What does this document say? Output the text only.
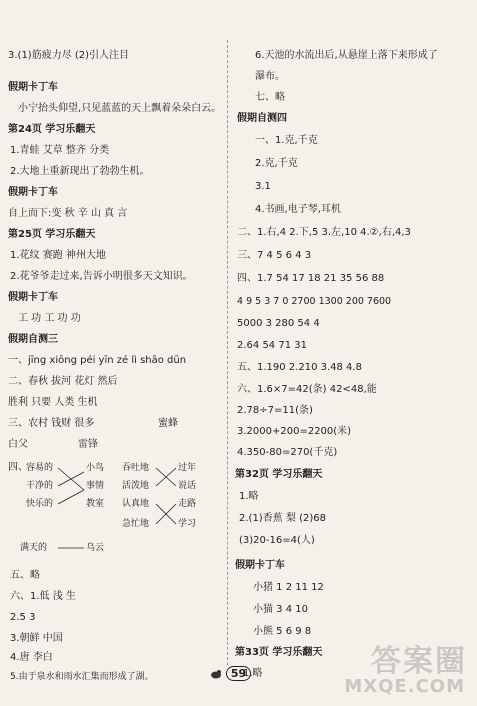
3.(1)筋疲力尽 (2)引人注目
假期卡丁车
小宁抬头仰望,只见蓝蓝的天上飘着朵朵白云。
第24页 学习乐翻天
1.青蛙 艾草 整齐 分类
2.大地上重新现出了勃勃生机。
假期卡丁车
自上而下:变 秋 辛 山 真 言
第25页 学习乐翻天
1.花纹 赛跑 神州大地
2.花爷爷走过来,告诉小明很多天文知识。
假期卡丁车
工 功 工 功 功
假期自测三
一、jīng xiōng péi yīn zé lì shāo dūn
二、春秋 拔河 花灯 然后
胜利 只要 人类 生机
三、农村 钱财 很多	蜜蜂
白父	雷锋
四、
五、略
六、1.低 浅 生
2.5 3
3.朝鲜 中国
4.唐 李白
5.由于泉水和雨水汇集而形成了湖。
容易的
干净的
快乐的
满天的
小鸟
事情
教室
乌云
吞吐地
活泼地
认真地
急忙地
过年
说话
走路
学习
6.天池的水流出后,从悬崖上落下来形成了
瀑布。
七、略
假期自测四
一、1.克,千克
2.克,千克
3.1
4.书画,电子琴,耳机
二、1.右,4 2.下,5 3.左,10 4.②,右,4,3
三、7 4 5 6 4 3
四、1.7 54 17 18 21 35 56 88
4 9 5 3 7 0 2700 1300 200 7600
5000 3 280 54 4
2.64 54 71 31
五、1.190 2.210 3.48 4.8
六、1.6×7=42(条) 42<48,能
2.78÷7=11(条)
3.2000+200=2200(米)
4.350-80=270(千克)
第32页 学习乐翻天
1.略
2.(1)香蕉 梨 (2)68
(3)20-16=4(人)
假期卡丁车
小猪 1 2 11 12
小猫 3 4 10
小熊 5 6 9 8
第33页 学习乐翻天
1.略
59	答案圈
MXQE.COM
